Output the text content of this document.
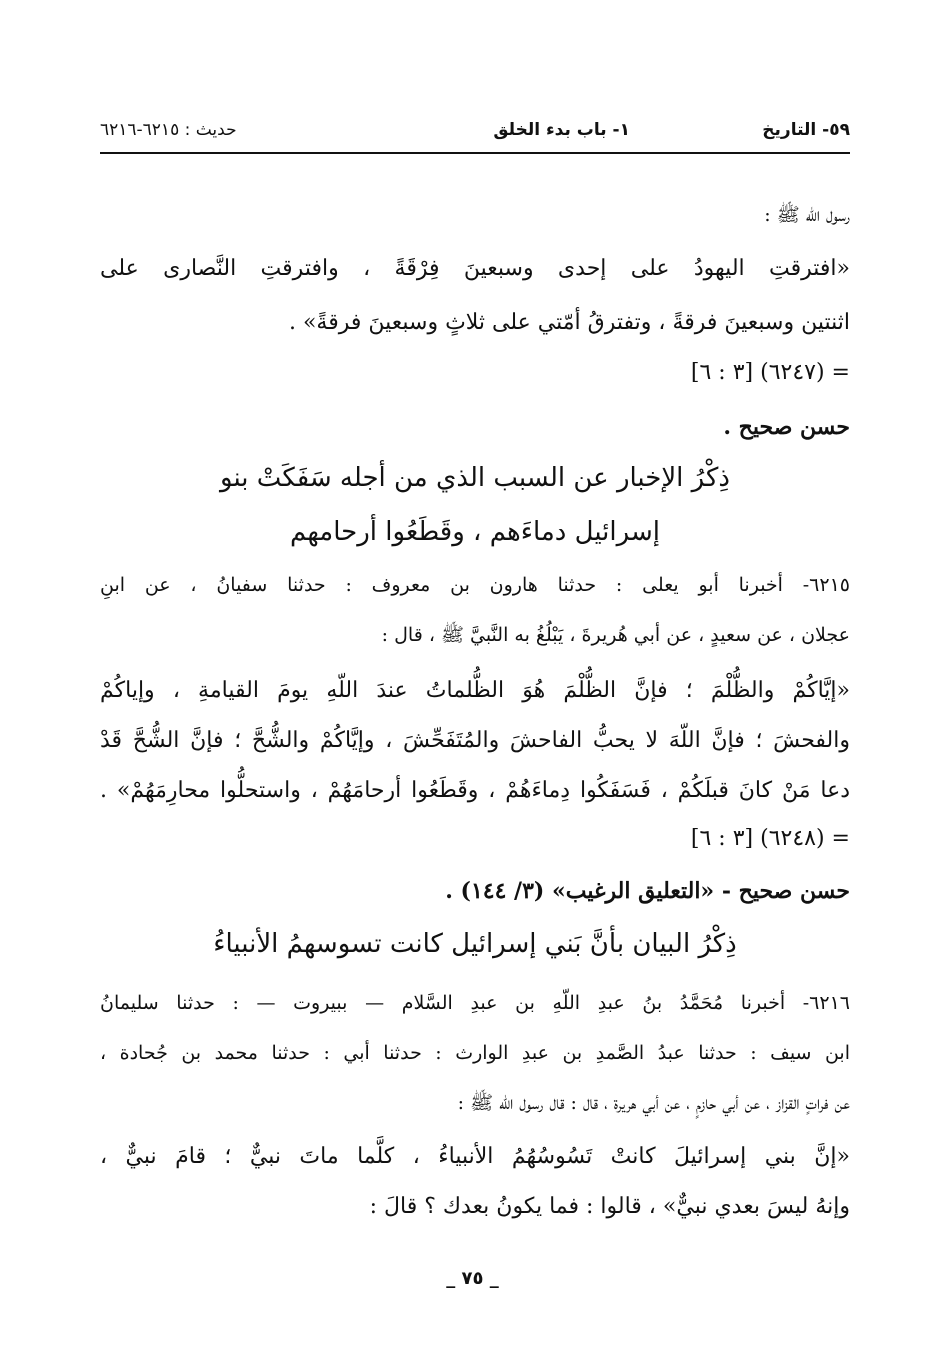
٥٩- التاريخ
١- باب بدء الخلق
حديث : ٦٢١٥-٦٢١٦
رسول اللّه ﷺ :
«افترقتِ اليهودُ على إحدى وسبعينَ فِرْقَةً ، وافترقتِ النَّصارى على
اثنتين وسبعينَ فرقةً ، وتفترقُ أمّتي على ثلاثٍ وسبعينَ فرقةً» .
= (٦٢٤٧) [٣ : ٦]
حسن صحيح .
ذِكْرُ الإخبار عن السبب الذي من أجله سَفَكَتْ بنو
إسرائيل دماءَهم ، وقَطَعُوا أرحامهم
٦٢١٥- أخبرنا أبو يعلى : حدثنا هارون بن معروف : حدثنا سفيانُ ، عن ابنِ
عجلان ، عن سعيدٍ ، عن أبي هُريرةَ ، يَبْلُغُ به النَّبيَّ ﷺ ، قال :
«إيَّاكُمْ والظُّلْمَ ؛ فإنَّ الظُّلْمَ هُوَ الظُّلماتُ عندَ اللّهِ يومَ القيامةِ ، وإياكُمْ
والفحشَ ؛ فإنَّ اللّهَ لا يحبُّ الفاحشَ والمُتَفَحِّشَ ، وإيَّاكُمْ والشُّحَّ ؛ فإنَّ الشُّحَّ قَدْ
دعا مَنْ كانَ قبلَكُمْ ، فَسَفَكُوا دِماءَهُمْ ، وقَطَعُوا أرحامَهُمْ ، واستحلُّوا محارِمَهُمْ» .
= (٦٢٤٨) [٣ : ٦]
حسن صحيح - «التعليق الرغيب» (٣/ ١٤٤) .
ذِكْرُ البيان بأنَّ بَني إسرائيل كانت تسوسهمُ الأنبياءُ
٦٢١٦- أخبرنا مُحَمَّدُ بنُ عبدِ اللّهِ بن عبدِ السَّلام — ببيروت — : حدثنا سليمانُ
ابن سيف : حدثنا عبدُ الصَّمدِ بن عبدِ الوارث : حدثنا أبي : حدثنا محمد بن جُحادة ،
عن فراتٍ القزاز ، عن أبي حازمٍ ، عن أبي هريرة ، قال : قال رسول اللّه ﷺ :
«إنَّ بني إسرائيلَ كانتْ تَسُوسُهُمُ الأنبياءُ ، كلَّما ماتَ نبيٌّ ؛ قامَ نبيٌّ ،
وإنهُ ليسَ بعدي نبيٌّ» ، قالوا : فما يكونُ بعدك ؟ قالَ :
_ ٧٥ _
